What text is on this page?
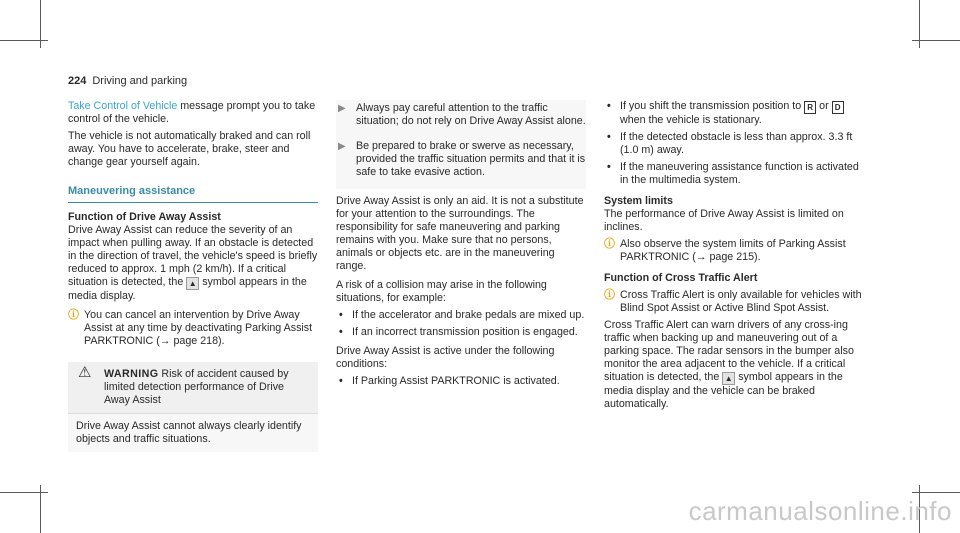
224 Driving and parking

Take Control of Vehicle message prompt you to take control of the vehicle.

The vehicle is not automatically braked and can roll away. You have to accelerate, brake, steer and change gear yourself again.

Maneuvering assistance

Function of Drive Away Assist

Drive Away Assist can reduce the severity of an impact when pulling away. If an obstacle is detected in the direction of travel, the vehicle's speed is briefly reduced to approx. 1 mph (2 km/h). If a critical situation is detected, the ▲ symbol appears in the media display.

ⓘ You can cancel an intervention by Drive Away Assist at any time by deactivating Parking Assist PARKTRONIC (→ page 218).

⚠ WARNING Risk of accident caused by limited detection performance of Drive Away Assist
Drive Away Assist cannot always clearly identify objects and traffic situations.

▶ Always pay careful attention to the traffic situation; do not rely on Drive Away Assist alone.

▶ Be prepared to brake or swerve as necessary, provided the traffic situation permits and that it is safe to take evasive action.

Drive Away Assist is only an aid. It is not a substitute for your attention to the surroundings. The responsibility for safe maneuvering and parking remains with you. Make sure that no persons, animals or objects etc. are in the maneuvering range.

A risk of a collision may arise in the following situations, for example:

• If the accelerator and brake pedals are mixed up.

• If an incorrect transmission position is engaged.

Drive Away Assist is active under the following conditions:

• If Parking Assist PARKTRONIC is activated.

• If you shift the transmission position to R or D when the vehicle is stationary.

• If the detected obstacle is less than approx. 3.3 ft (1.0 m) away.

• If the maneuvering assistance function is activated in the multimedia system.

System limits

The performance of Drive Away Assist is limited on inclines.

ⓘ Also observe the system limits of Parking Assist PARKTRONIC (→ page 215).

Function of Cross Traffic Alert

ⓘ Cross Traffic Alert is only available for vehicles with Blind Spot Assist or Active Blind Spot Assist.

Cross Traffic Alert can warn drivers of any cross-ing traffic when backing up and maneuvering out of a parking space. The radar sensors in the bumper also monitor the area adjacent to the vehicle. If a critical situation is detected, the ▲ symbol appears in the media display and the vehicle can be braked automatically.

carmanualsonline.info
